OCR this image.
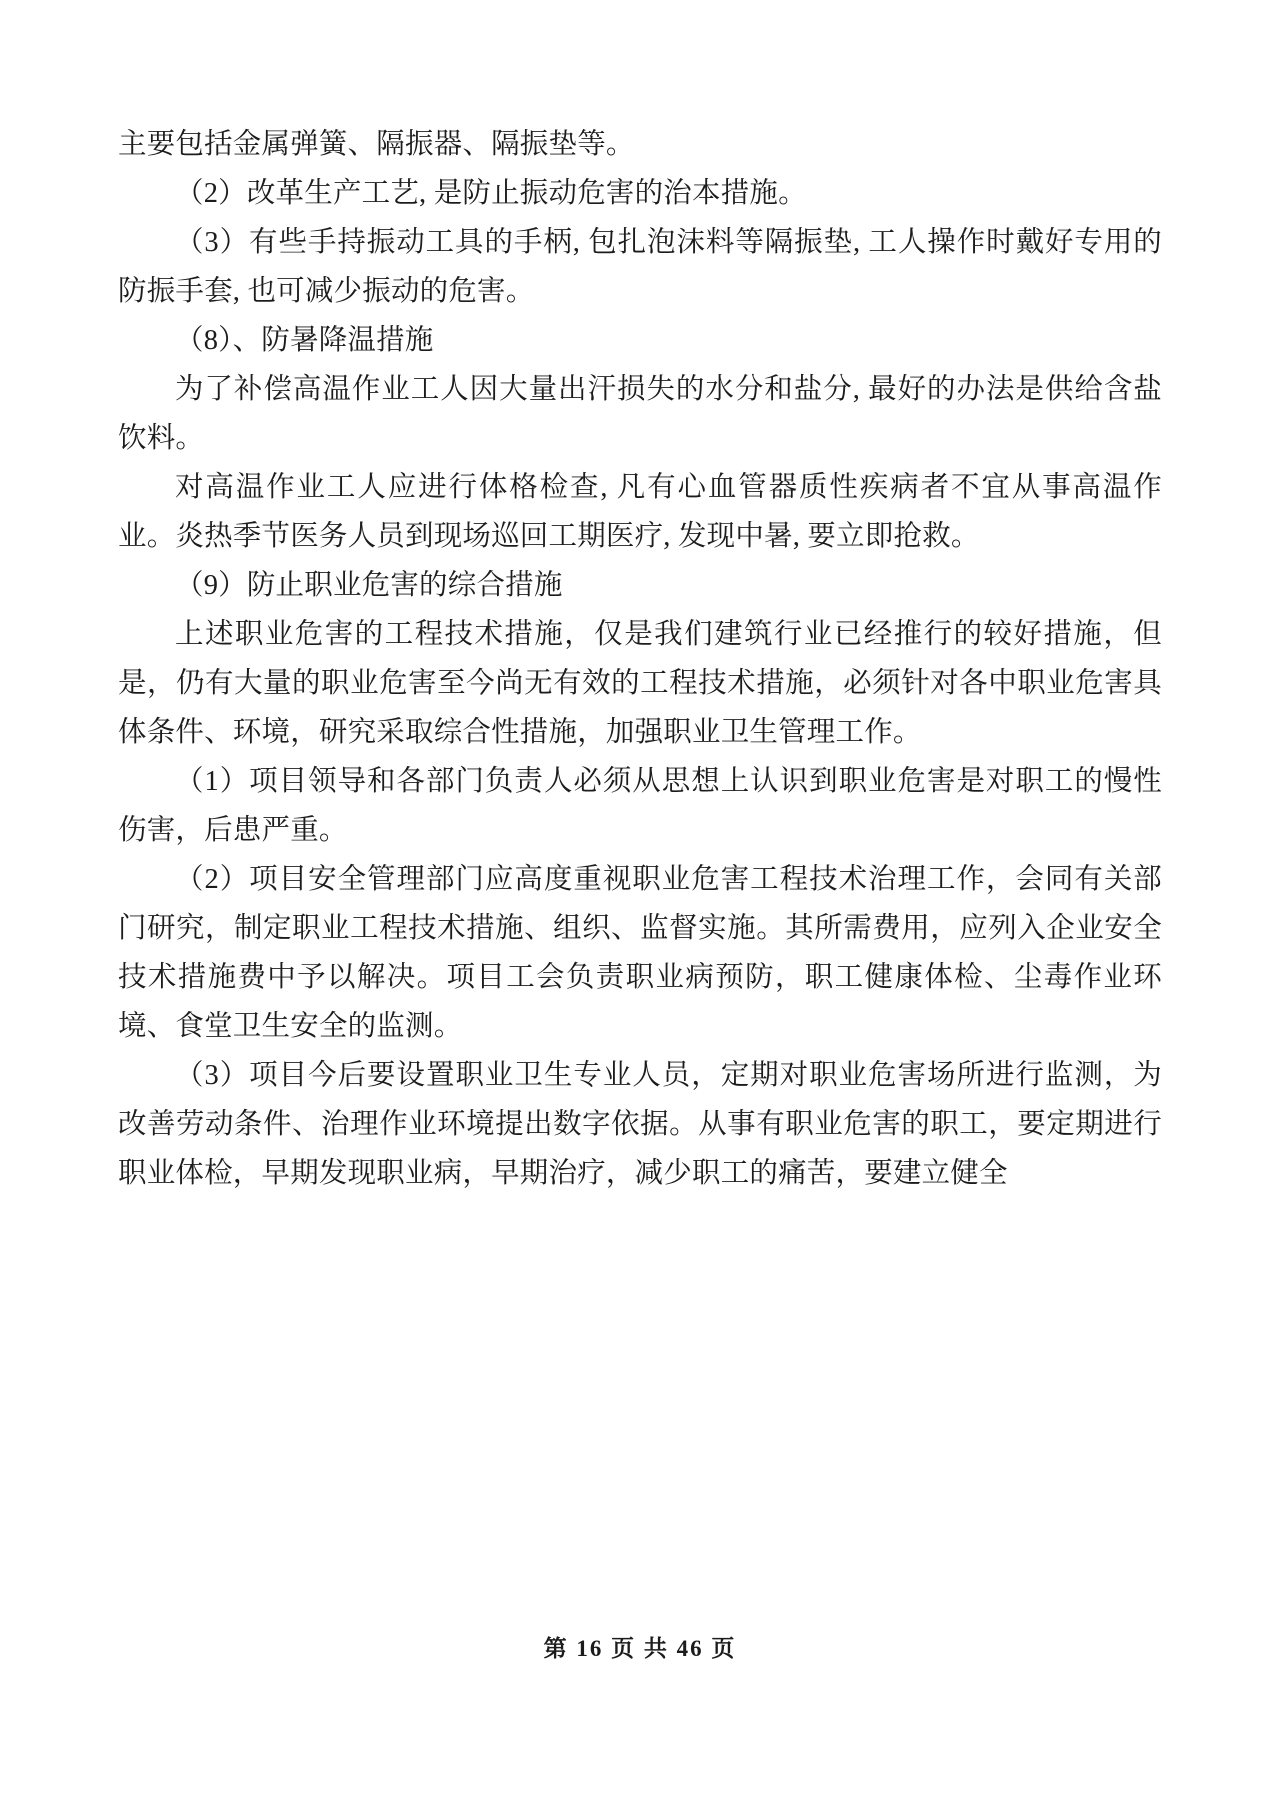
主要包括金属弹簧、隔振器、隔振垫等。

（2）改革生产工艺, 是防止振动危害的治本措施。

（3）有些手持振动工具的手柄, 包扎泡沫料等隔振垫, 工人操作时戴好专用的防振手套, 也可减少振动的危害。

（8）、防暑降温措施

为了补偿高温作业工人因大量出汗损失的水分和盐分, 最好的办法是供给含盐饮料。

对高温作业工人应进行体格检查, 凡有心血管器质性疾病者不宜从事高温作业。炎热季节医务人员到现场巡回工期医疗, 发现中暑, 要立即抢救。

（9）防止职业危害的综合措施

上述职业危害的工程技术措施，仅是我们建筑行业已经推行的较好措施，但是，仍有大量的职业危害至今尚无有效的工程技术措施，必须针对各中职业危害具体条件、环境，研究采取综合性措施，加强职业卫生管理工作。

（1）项目领导和各部门负责人必须从思想上认识到职业危害是对职工的慢性伤害，后患严重。

（2）项目安全管理部门应高度重视职业危害工程技术治理工作，会同有关部门研究，制定职业工程技术措施、组织、监督实施。其所需费用，应列入企业安全技术措施费中予以解决。项目工会负责职业病预防，职工健康体检、尘毒作业环境、食堂卫生安全的监测。

（3）项目今后要设置职业卫生专业人员，定期对职业危害场所进行监测，为改善劳动条件、治理作业环境提出数字依据。从事有职业危害的职工，要定期进行职业体检，早期发现职业病，早期治疗，减少职工的痛苦，要建立健全

第 16 页 共 46 页
